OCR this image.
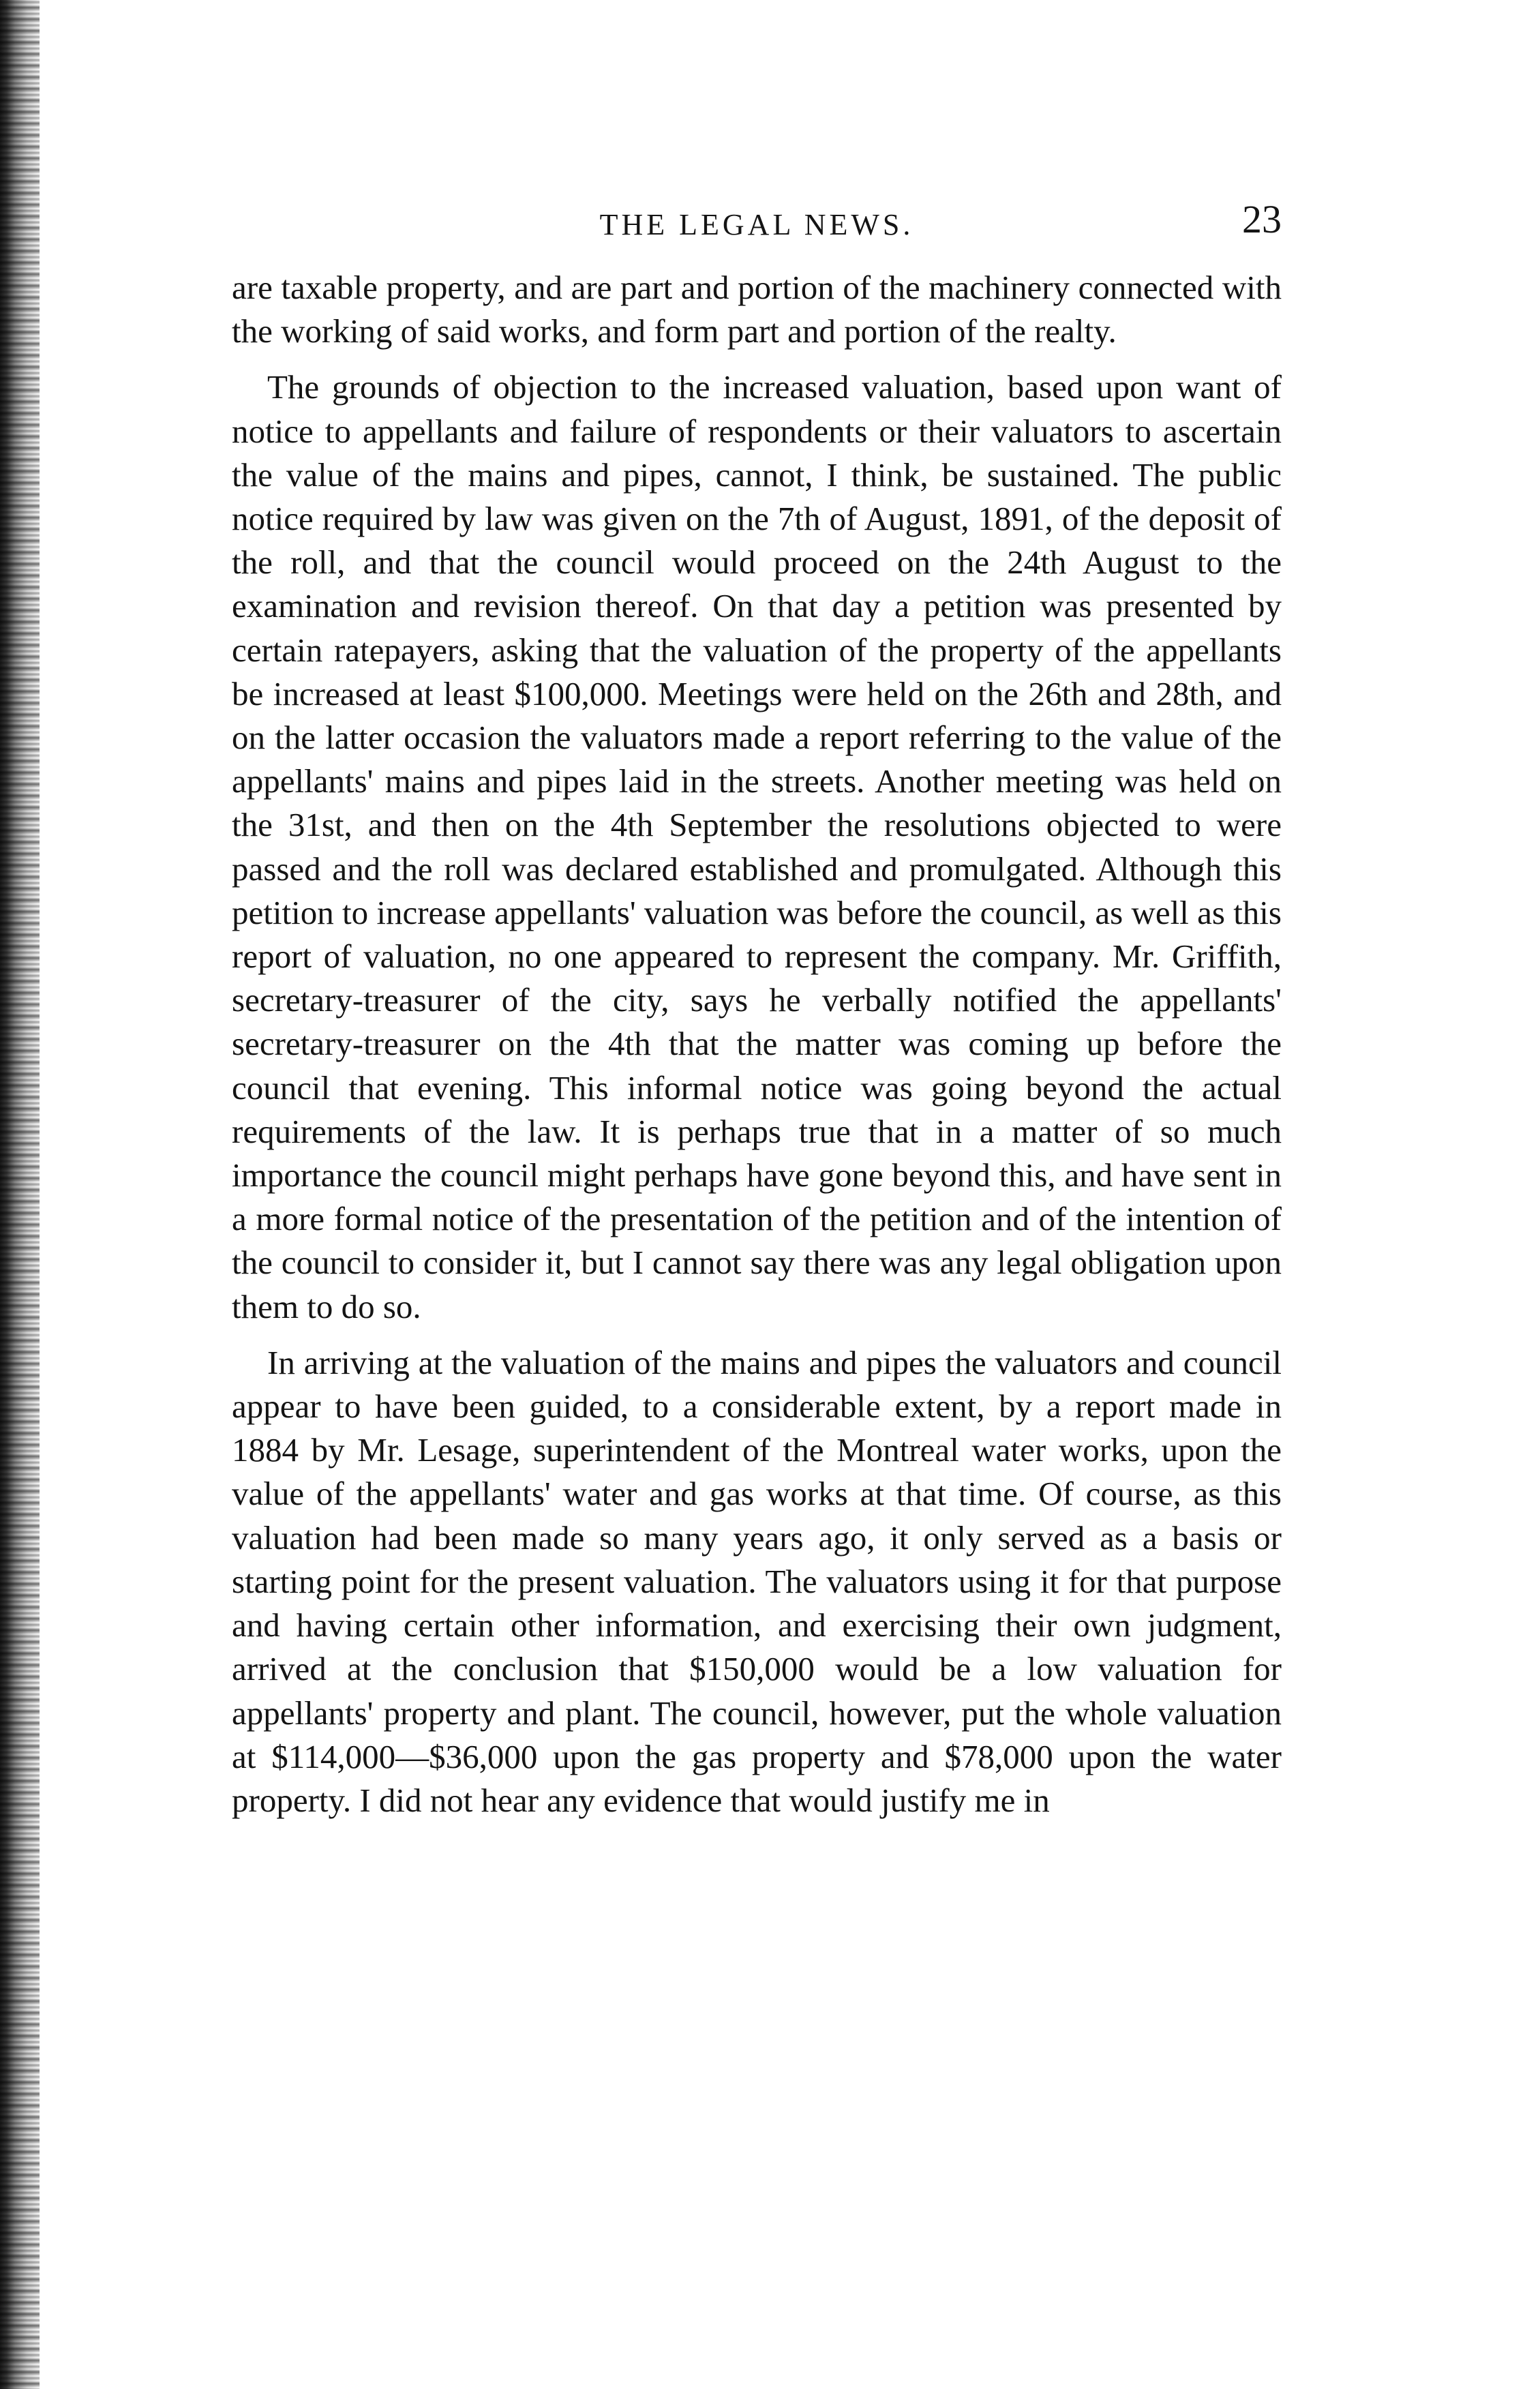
THE LEGAL NEWS.	23

are taxable property, and are part and portion of the machinery connected with the working of said works, and form part and portion of the realty.

The grounds of objection to the increased valuation, based upon want of notice to appellants and failure of respondents or their valuators to ascertain the value of the mains and pipes, cannot, I think, be sustained. The public notice required by law was given on the 7th of August, 1891, of the deposit of the roll, and that the council would proceed on the 24th August to the examination and revision thereof. On that day a petition was presented by certain ratepayers, asking that the valuation of the property of the appellants be increased at least $100,000. Meetings were held on the 26th and 28th, and on the latter occasion the valuators made a report referring to the value of the appellants' mains and pipes laid in the streets. Another meeting was held on the 31st, and then on the 4th September the resolutions objected to were passed and the roll was declared established and promulgated. Although this petition to increase appellants' valuation was before the council, as well as this report of valuation, no one appeared to represent the company. Mr. Griffith, secretary-treasurer of the city, says he verbally notified the appellants' secretary-treasurer on the 4th that the matter was coming up before the council that evening. This informal notice was going beyond the actual requirements of the law. It is perhaps true that in a matter of so much importance the council might perhaps have gone beyond this, and have sent in a more formal notice of the presentation of the petition and of the intention of the council to consider it, but I cannot say there was any legal obligation upon them to do so.

In arriving at the valuation of the mains and pipes the valuators and council appear to have been guided, to a considerable extent, by a report made in 1884 by Mr. Lesage, superintendent of the Montreal water works, upon the value of the appellants' water and gas works at that time. Of course, as this valuation had been made so many years ago, it only served as a basis or starting point for the present valuation. The valuators using it for that purpose and having certain other information, and exercising their own judgment, arrived at the conclusion that $150,000 would be a low valuation for appellants' property and plant. The council, however, put the whole valuation at $114,000—$36,000 upon the gas property and $78,000 upon the water property. I did not hear any evidence that would justify me in
